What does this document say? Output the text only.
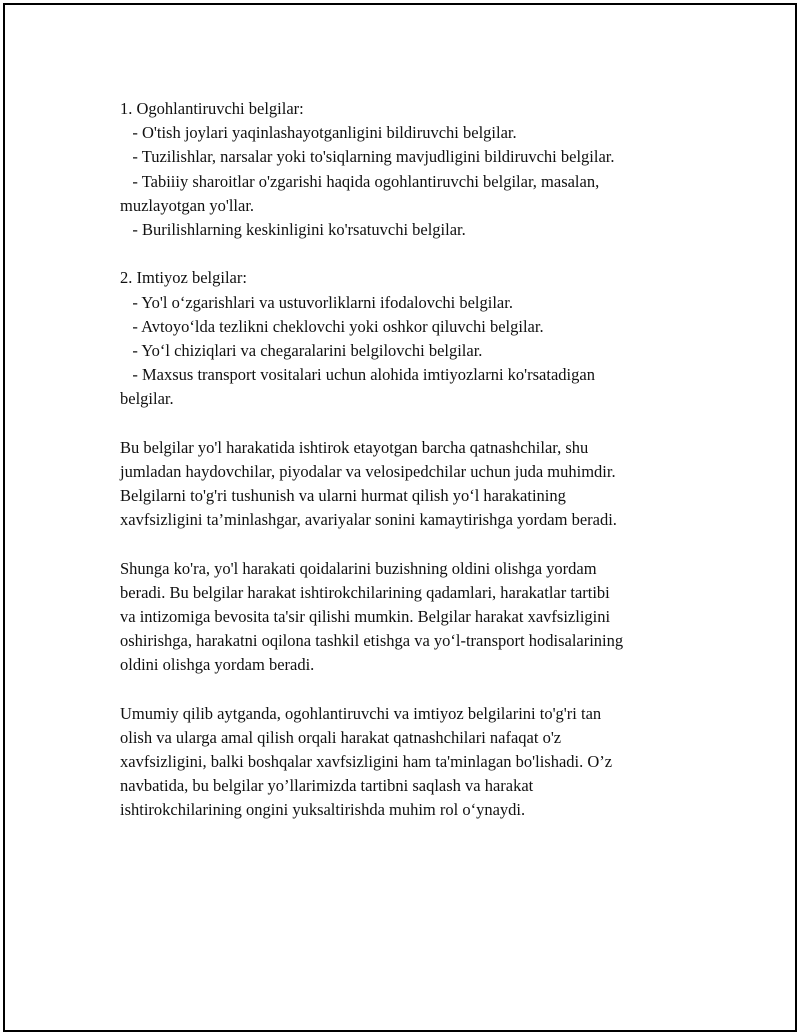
1. Ogohlantiruvchi belgilar:
- O'tish joylari yaqinlashayotganligini bildiruvchi belgilar.
- Tuzilishlar, narsalar yoki to'siqlarning mavjudligini bildiruvchi belgilar.
- Tabiiiy sharoitlar o'zgarishi haqida ogohlantiruvchi belgilar, masalan,
muzlayotgan yo'llar.
- Burilishlarning keskinligini ko'rsatuvchi belgilar.
2. Imtiyoz belgilar:
- Yo'l o‘zgarishlari va ustuvorliklarni ifodalovchi belgilar.
- Avtoyo‘lda tezlikni cheklovchi yoki oshkor qiluvchi belgilar.
- Yo‘l chiziqlari va chegaralarini belgilovchi belgilar.
- Maxsus transport vositalari uchun alohida imtiyozlarni ko'rsatadigan
belgilar.
Bu belgilar yo'l harakatida ishtirok etayotgan barcha qatnashchilar, shu
jumladan haydovchilar, piyodalar va velosipedchilar uchun juda muhimdir.
Belgilarni to'g'ri tushunish va ularni hurmat qilish yo‘l harakatining
xavfsizligini ta’minlashgar, avariyalar sonini kamaytirishga yordam beradi.
Shunga ko'ra, yo'l harakati qoidalarini buzishning oldini olishga yordam
beradi. Bu belgilar harakat ishtirokchilarining qadamlari, harakatlar tartibi
va intizomiga bevosita ta'sir qilishi mumkin. Belgilar harakat xavfsizligini
oshirishga, harakatni oqilona tashkil etishga va yo‘l-transport hodisalarining
oldini olishga yordam beradi.
Umumiy qilib aytganda, ogohlantiruvchi va imtiyoz belgilarini to'g'ri tan
olish va ularga amal qilish orqali harakat qatnashchilari nafaqat o'z
xavfsizligini, balki boshqalar xavfsizligini ham ta'minlagan bo'lishadi. O’z
navbatida, bu belgilar yo’llarimizda tartibni saqlash va harakat
ishtirokchilarining ongini yuksaltirishda muhim rol o‘ynaydi.
